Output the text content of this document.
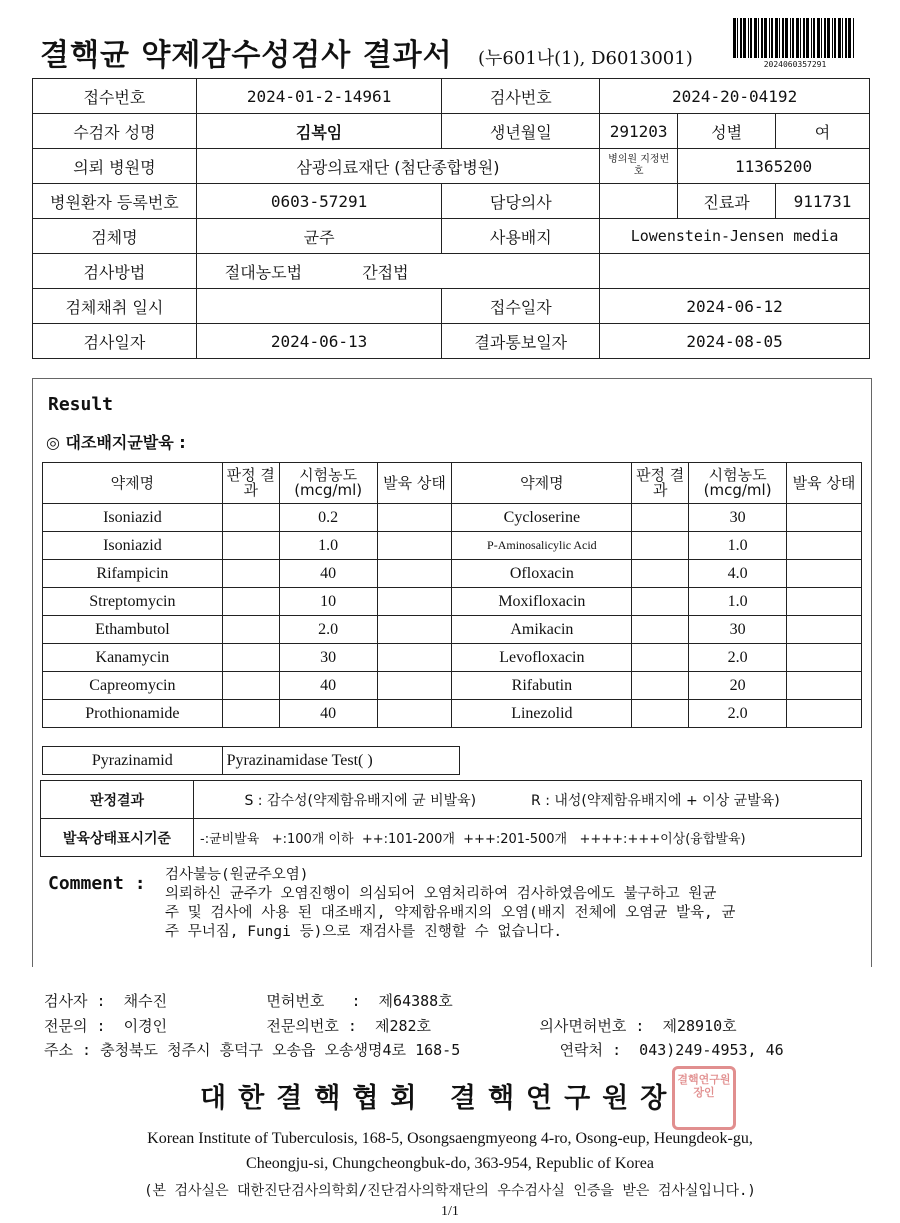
결핵균 약제감수성검사 결과서 (누601나(1), D6013001)	2024060357291
접수번호	2024-01-2-14961	검사번호	2024-20-04192		
수검자 성명	김복임	생년월일	291203	성별	여
의뢰 병원명	삼광의료재단 (첨단종합병원)		병의원 지정번호	11365200	
병원환자 등록번호	0603-57291	담당의사		진료과	911731
검체명	균주	사용배지	Lowenstein-Jensen media		
검사방법	절대농도법 간접법				
검체채취 일시		접수일자	2024-06-12		
검사일자	2024-06-13	결과통보일자	2024-08-05		
Result
◎ 대조배지균발육 :
약제명	판정 결과	시험농도 (mcg/ml)	발육 상태	약제명	판정 결과	시험농도 (mcg/ml)	발육 상태
Isoniazid		0.2		Cycloserine		30	
Isoniazid		1.0		P-Aminosalicylic Acid		1.0	
Rifampicin		40		Ofloxacin		4.0	
Streptomycin		10		Moxifloxacin		1.0	
Ethambutol		2.0		Amikacin		30	
Kanamycin		30		Levofloxacin		2.0	
Capreomycin		40		Rifabutin		20	
Prothionamide		40		Linezolid		2.0	
Pyrazinamid	Pyrazinamidase Test( )
판정결과	S : 감수성(약제함유배지에 균 비발육) R : 내성(약제함유배지에 + 이상 균발육)
발육상태표시기준	-:균비발육   +:100개 이하  ++:101-200개  +++:201-500개   ++++:+++이상(융합발육)
Comment : 검사불능(원균주오염)
의뢰하신 균주가 오염진행이 의심되어 오염처리하여 검사하였음에도 불구하고 원균
주 및 검사에 사용 된 대조배지, 약제함유배지의 오염(배지 전체에 오염균 발육, 균
주 무너짐, Fungi 등)으로 재검사를 진행할 수 없습니다.
검사자 :  채수진           면허번호   :  제64388호
전문의 :  이경인           전문의번호 :  제282호            의사면허번호 :  제28910호
주소 : 충청북도 청주시 흥덕구 오송읍 오송생명4로 168-5           연락처 :  043)249-4953, 46
대한결핵협회 결핵연구원장
결핵연구원장인
Korean Institute of Tuberculosis, 168-5, Osongsaengmyeong 4-ro, Osong-eup, Heungdeok-gu,
Cheongju-si, Chungcheongbuk-do, 363-954, Republic of Korea
(본 검사실은 대한진단검사의학회/진단검사의학재단의 우수검사실 인증을 받은 검사실입니다.)
1/1
